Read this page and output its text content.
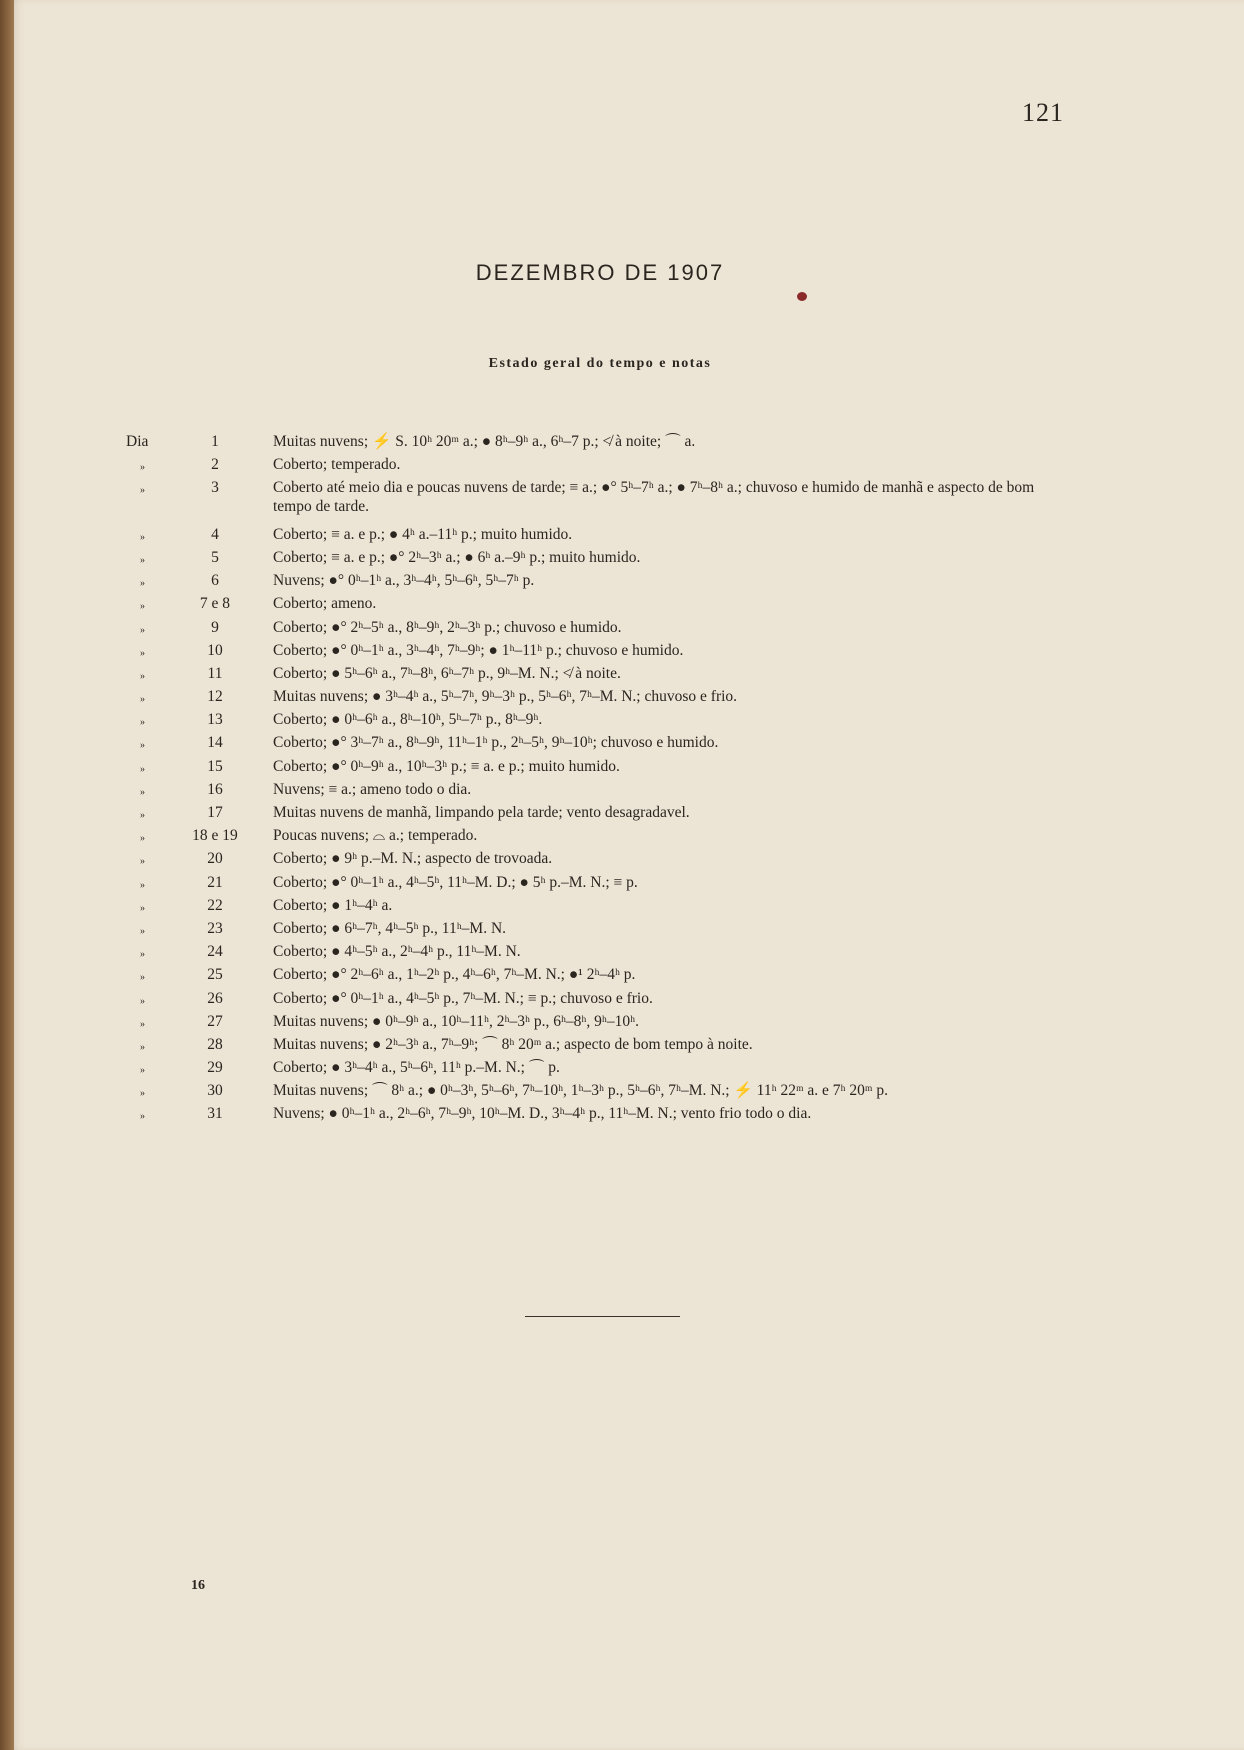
121
DEZEMBRO DE 1907
Estado geral do tempo e notas
Dia	1	Muitas nuvens; ⚡ S. 10ʰ 20ᵐ a.; ● 8ʰ–9ʰ a., 6ʰ–7 p.; ≮ à noite; ⌒ a.
»	2	Coberto; temperado.
»	3	Coberto até meio dia e poucas nuvens de tarde; ≡ a.; ●° 5ʰ–7ʰ a.; ● 7ʰ–8ʰ a.; chuvoso e humido de manhã e aspecto de bom tempo de tarde.
»	4	Coberto; ≡ a. e p.; ● 4ʰ a.–11ʰ p.; muito humido.
»	5	Coberto; ≡ a. e p.; ●° 2ʰ–3ʰ a.; ● 6ʰ a.–9ʰ p.; muito humido.
»	6	Nuvens; ●° 0ʰ–1ʰ a., 3ʰ–4ʰ, 5ʰ–6ʰ, 5ʰ–7ʰ p.
»	7 e 8	Coberto; ameno.
»	9	Coberto; ●° 2ʰ–5ʰ a., 8ʰ–9ʰ, 2ʰ–3ʰ p.; chuvoso e humido.
»	10	Coberto; ●° 0ʰ–1ʰ a., 3ʰ–4ʰ, 7ʰ–9ʰ; ● 1ʰ–11ʰ p.; chuvoso e humido.
»	11	Coberto; ● 5ʰ–6ʰ a., 7ʰ–8ʰ, 6ʰ–7ʰ p., 9ʰ–M. N.; ≮ à noite.
»	12	Muitas nuvens; ● 3ʰ–4ʰ a., 5ʰ–7ʰ, 9ʰ–3ʰ p., 5ʰ–6ʰ, 7ʰ–M. N.; chuvoso e frio.
»	13	Coberto; ● 0ʰ–6ʰ a., 8ʰ–10ʰ, 5ʰ–7ʰ p., 8ʰ–9ʰ.
»	14	Coberto; ●° 3ʰ–7ʰ a., 8ʰ–9ʰ, 11ʰ–1ʰ p., 2ʰ–5ʰ, 9ʰ–10ʰ; chuvoso e humido.
»	15	Coberto; ●° 0ʰ–9ʰ a., 10ʰ–3ʰ p.; ≡ a. e p.; muito humido.
»	16	Nuvens; ≡ a.; ameno todo o dia.
»	17	Muitas nuvens de manhã, limpando pela tarde; vento desagradavel.
»	18 e 19	Poucas nuvens; ⌓ a.; temperado.
»	20	Coberto; ● 9ʰ p.–M. N.; aspecto de trovoada.
»	21	Coberto; ●° 0ʰ–1ʰ a., 4ʰ–5ʰ, 11ʰ–M. D.; ● 5ʰ p.–M. N.; ≡ p.
»	22	Coberto; ● 1ʰ–4ʰ a.
»	23	Coberto; ● 6ʰ–7ʰ, 4ʰ–5ʰ p., 11ʰ–M. N.
»	24	Coberto; ● 4ʰ–5ʰ a., 2ʰ–4ʰ p., 11ʰ–M. N.
»	25	Coberto; ●° 2ʰ–6ʰ a., 1ʰ–2ʰ p., 4ʰ–6ʰ, 7ʰ–M. N.; ●¹ 2ʰ–4ʰ p.
»	26	Coberto; ●° 0ʰ–1ʰ a., 4ʰ–5ʰ p., 7ʰ–M. N.; ≡ p.; chuvoso e frio.
»	27	Muitas nuvens; ● 0ʰ–9ʰ a., 10ʰ–11ʰ, 2ʰ–3ʰ p., 6ʰ–8ʰ, 9ʰ–10ʰ.
»	28	Muitas nuvens; ● 2ʰ–3ʰ a., 7ʰ–9ʰ; ⌒ 8ʰ 20ᵐ a.; aspecto de bom tempo à noite.
»	29	Coberto; ● 3ʰ–4ʰ a., 5ʰ–6ʰ, 11ʰ p.–M. N.; ⌒ p.
»	30	Muitas nuvens; ⌒ 8ʰ a.; ● 0ʰ–3ʰ, 5ʰ–6ʰ, 7ʰ–10ʰ, 1ʰ–3ʰ p., 5ʰ–6ʰ, 7ʰ–M. N.; ⚡ 11ʰ 22ᵐ a. e 7ʰ 20ᵐ p.
»	31	Nuvens; ● 0ʰ–1ʰ a., 2ʰ–6ʰ, 7ʰ–9ʰ, 10ʰ–M. D., 3ʰ–4ʰ p., 11ʰ–M. N.; vento frio todo o dia.
16
